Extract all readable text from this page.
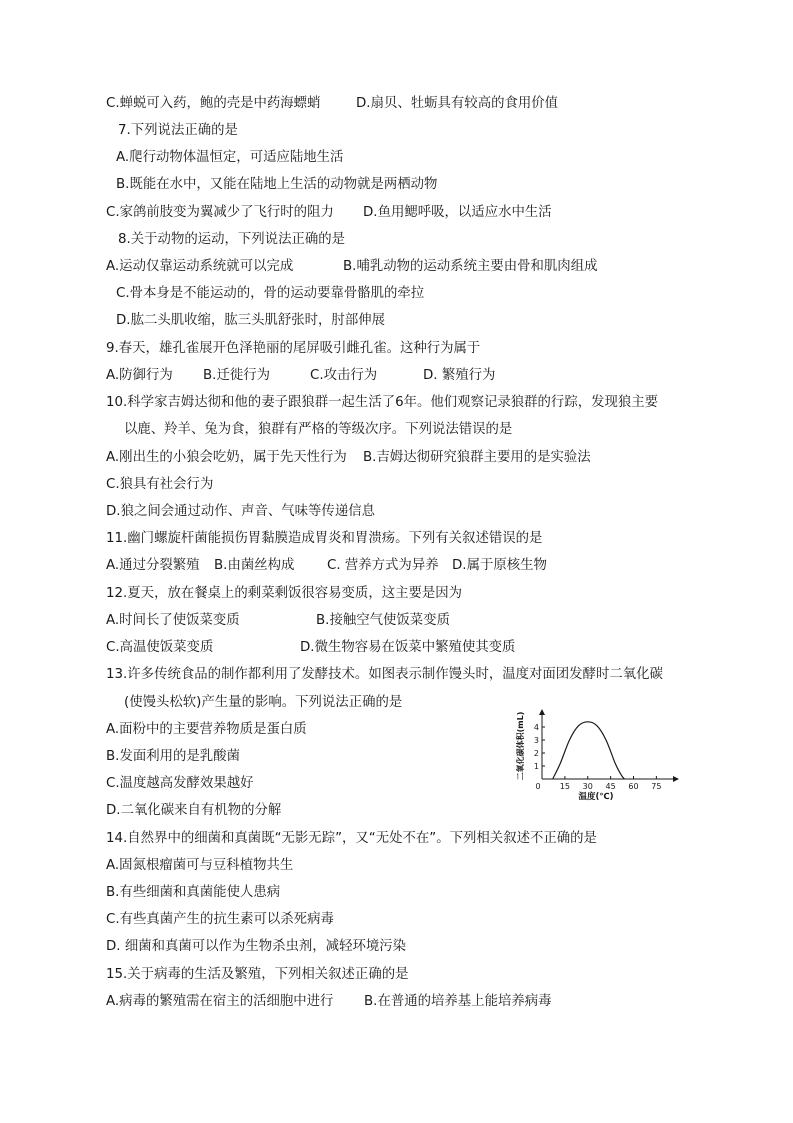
C.蝉蜕可入药，鲍的壳是中药海螵蛸	D.扇贝、牡蛎具有较高的食用价值
7.下列说法正确的是
A.爬行动物体温恒定，可适应陆地生活
B.既能在水中，又能在陆地上生活的动物就是两栖动物
C.家鸽前肢变为翼减少了飞行时的阻力 D.鱼用鳃呼吸，以适应水中生活
8.关于动物的运动，下列说法正确的是
A.运动仅靠运动系统就可以完成	B.哺乳动物的运动系统主要由骨和肌肉组成
C.骨本身是不能运动的，骨的运动要靠骨骼肌的牵拉
D.肱二头肌收缩，肱三头肌舒张时，肘部伸展
9.春天，雄孔雀展开色泽艳丽的尾屏吸引雌孔雀。这种行为属于
A.防御行为 B.迁徙行为	C.攻击行为	D. 繁殖行为
10.科学家吉姆达彻和他的妻子跟狼群一起生活了6年。他们观察记录狼群的行踪，发现狼主要
以鹿、羚羊、兔为食，狼群有严格的等级次序。下列说法错误的是
A.刚出生的小狼会吃奶，属于先天性行为 B.吉姆达彻研究狼群主要用的是实验法
C.狼具有社会行为
D.狼之间会通过动作、声音、气味等传递信息
11.幽门螺旋杆菌能损伤胃黏膜造成胃炎和胃溃疡。下列有关叙述错误的是
A.通过分裂繁殖 B.由菌丝构成 C. 营养方式为异养 D.属于原核生物
12.夏天，放在餐桌上的剩菜剩饭很容易变质，这主要是因为
A.时间长了使饭菜变质	B.接触空气使饭菜变质
C.高温使饭菜变质	D.微生物容易在饭菜中繁殖使其变质
13.许多传统食品的制作都利用了发酵技术。如图表示制作馒头时，温度对面团发酵时二氧化碳
(使馒头松软)产生量的影响。下列说法正确的是
A.面粉中的主要营养物质是蛋白质
B.发面利用的是乳酸菌
C.温度越高发酵效果越好
D.二氧化碳来自有机物的分解
14.自然界中的细菌和真菌既“无影无踪”，又“无处不在”。下列相关叙述不正确的是
A.固氮根瘤菌可与豆科植物共生
B.有些细菌和真菌能使人患病
C.有些真菌产生的抗生素可以杀死病毒
D. 细菌和真菌可以作为生物杀虫剂，减轻环境污染
15.关于病毒的生活及繁殖，下列相关叙述正确的是
A.病毒的繁殖需在宿主的活细胞中进行 B.在普通的培养基上能培养病毒
二氧化碳体积(mL)
温度(℃)
1
2
3
4
0 15 30 45 60 75
